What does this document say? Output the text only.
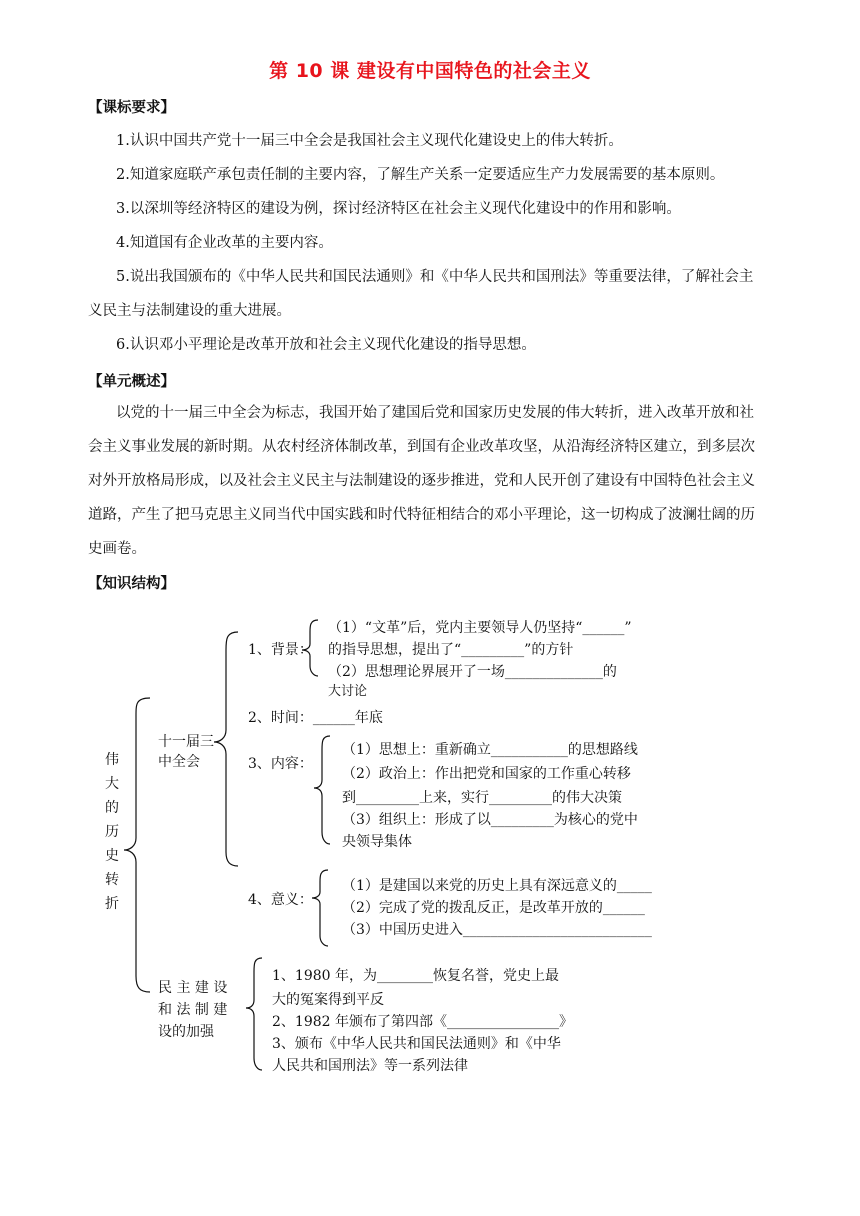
第 10 课 建设有中国特色的社会主义
【课标要求】
1.认识中国共产党十一届三中全会是我国社会主义现代化建设史上的伟大转折。
2.知道家庭联产承包责任制的主要内容，了解生产关系一定要适应生产力发展需要的基本原则。
3.以深圳等经济特区的建设为例，探讨经济特区在社会主义现代化建设中的作用和影响。
4.知道国有企业改革的主要内容。
5.说出我国颁布的《中华人民共和国民法通则》和《中华人民共和国刑法》等重要法律，了解社会主
义民主与法制建设的重大进展。
6.认识邓小平理论是改革开放和社会主义现代化建设的指导思想。
【单元概述】
以党的十一届三中全会为标志，我国开始了建国后党和国家历史发展的伟大转折，进入改革开放和社
会主义事业发展的新时期。从农村经济体制改革，到国有企业改革攻坚，从沿海经济特区建立，到多层次
对外开放格局形成，以及社会主义民主与法制建设的逐步推进，党和人民开创了建设有中国特色社会主义
道路，产生了把马克思主义同当代中国实践和时代特征相结合的邓小平理论，这一切构成了波澜壮阔的历
史画卷。
【知识结构】
伟
大
的
历
史
转
折
十一届三
中全会
1、背景：
（1）“文革”后，党内主要领导人仍坚持“______”
的指导思想，提出了“_________”的方针
（2）思想理论界展开了一场______________的
大讨论
2、时间：______年底
3、内容：
（1）思想上：重新确立___________的思想路线
（2）政治上：作出把党和国家的工作重心转移
到_________上来，实行_________的伟大决策
（3）组织上：形成了以_________为核心的党中
央领导集体
4、意义：
（1）是建国以来党的历史上具有深远意义的_____
（2）完成了党的拨乱反正，是改革开放的______
（3）中国历史进入___________________________
民 主 建 设
和 法 制 建
设的加强
1、1980 年，为________恢复名誉，党史上最
大的冤案得到平反
2、1982 年颁布了第四部《________________》
3、颁布《中华人民共和国民法通则》和《中华
人民共和国刑法》等一系列法律
